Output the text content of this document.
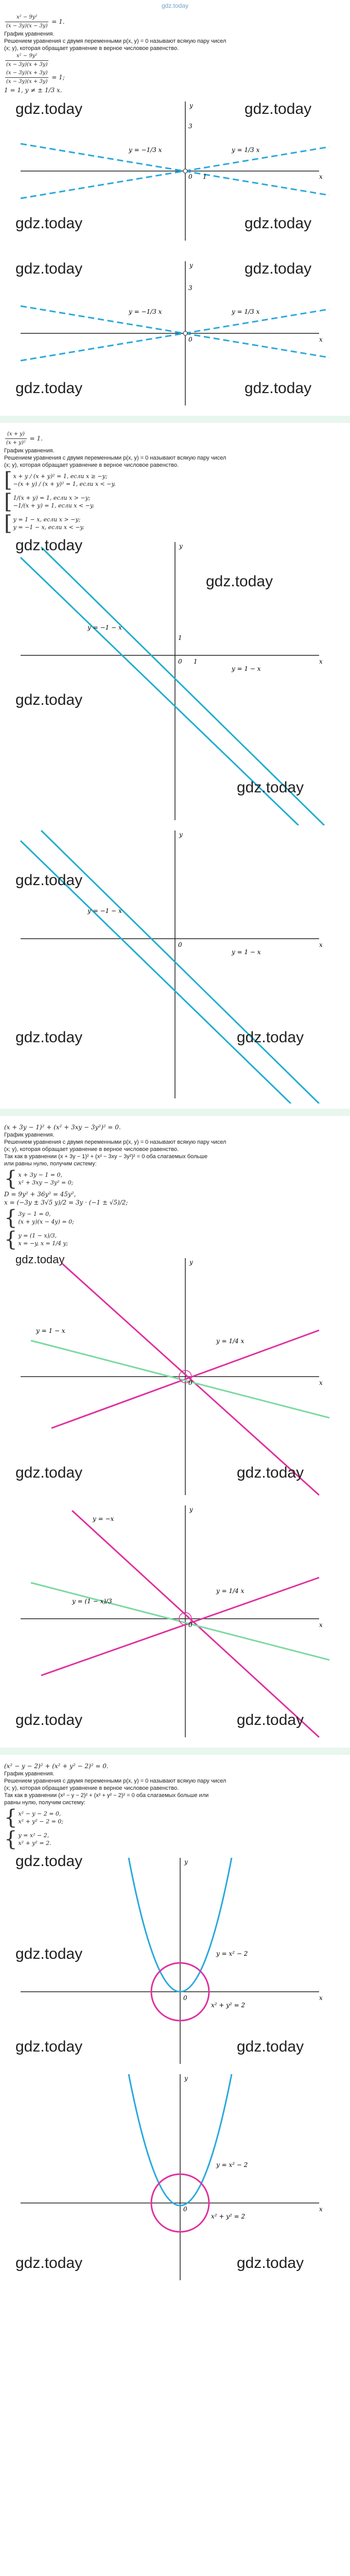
gdz.today
$\frac{\text{x² − 9y²}}{(x - 3y)(x - 3y)} = 1$.
График уравнения.
Решением уравнения с двумя переменными p(x, y) = 0 называют всякую пару чисел
(x; y), которая обращает уравнение в верное числовое равенство.
$\frac{\text{x² − 9y²}}{(x - 3y)(x + 3y)}$
$\frac{(x - 3y)(x + 3y)}{(x - 3y)(x + 3y)} = 1$;
1 = 1, y ≠ ± 1/3 x.
0	x
y
1
3
y = −1/3 x	y = 1/3 x
gdz.today	gdz.today
gdz.today	gdz.today
0	x
y
3
y = −1/3 x	y = 1/3 x
gdz.today	gdz.today
gdz.today	gdz.today
$\frac{(x + y)}{\text{(x + y)²}} = 1$.
График уравнения.
Решением уравнения с двумя переменными p(x, y) = 0 называют всякую пару чисел
(x; y), которая обращает уравнение в верное числовое равенство.
[ x + y / (x + y)² = 1, если x ≥ −y;
−(x + y) / (x + y)² = 1, если x < −y.
[ 1/(x + y) = 1, если x > −y;
−1/(x + y) = 1, если x < −y.
[ y = 1 − x, если x > −y;
y = −1 − x, если x < −y.
0	x
y
1
1
y = −1 − x
y = 1 − x
gdz.today
gdz.today
gdz.today
gdz.today
0	x
y
y = −1 − x
y = 1 − x
gdz.today
gdz.today	gdz.today
(x + 3y − 1)² + (x² + 3xy − 3y²)² = 0.
График уравнения.
Решением уравнения с двумя переменными p(x, y) = 0 называют всякую пару чисел
(x; y), которая обращает уравнение в верное числовое равенство.
Так как в уравнении (x + 3y − 1)² + (x² − 3xy − 3y²)² = 0 оба слагаемых больше
или равны нулю, получим систему:
{ x + 3y − 1 = 0,
x² + 3xy − 3y² = 0;
D = 9y² + 36y² = 45y²,
x = (−3y ± 3√5 y)/2 = 3y · (−1 ± √5)/2;
{ 3y − 1 = 0,
(x + y)(x − 4y) = 0;
{ y = (1 − x)/3,
x = −y, x = 1/4 y;
0	x
y
y = 1 − x
y = 1/4 x
gdz.today
gdz.today	gdz.today
0	x
y
y = −x
y = (1 − x)/3
y = 1/4 x
gdz.today	gdz.today
(x² − y − 2)² + (x² + y² − 2)² = 0.
График уравнения.
Решением уравнения с двумя переменными p(x, y) = 0 называют всякую пару чисел
(x; y), которая обращает уравнение в верное числовое равенство.
Так как в уравнении (x² − y − 2)² + (x² + y² − 2)² = 0 оба слагаемых больше или
равны нулю, получим систему:
{ x² − y − 2 = 0,
x² + y² − 2 = 0;
{ y = x² − 2,
x² + y² = 2.
0	x
y
y = x² − 2
x² + y² = 2
gdz.today
gdz.today
gdz.today	gdz.today
0	x
y
y = x² − 2
x² + y² = 2
gdz.today	gdz.today
